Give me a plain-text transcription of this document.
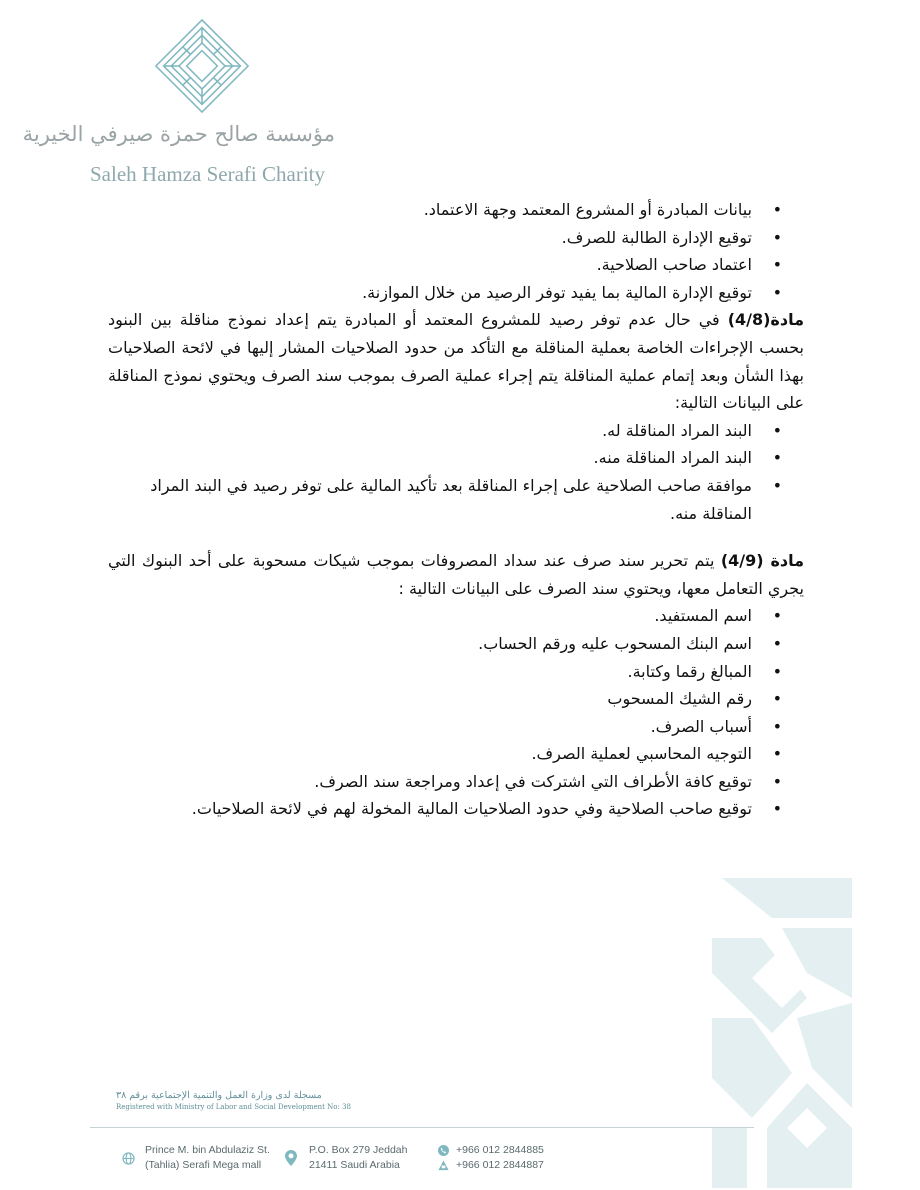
مؤسسة صالح حمزة صيرفي الخيرية
Saleh Hamza Serafi Charity
• بيانات المبادرة أو المشروع المعتمد وجهة الاعتماد.
• توقيع الإدارة الطالبة للصرف.
• اعتماد صاحب الصلاحية.
• توقيع الإدارة المالية بما يفيد توفر الرصيد من خلال الموازنة.

مادة(4/8) في حال عدم توفر رصيد للمشروع المعتمد أو المبادرة يتم إعداد نموذج مناقلة بين البنود بحسب الإجراءات الخاصة بعملية المناقلة مع التأكد من حدود الصلاحيات المشار إليها في لائحة الصلاحيات بهذا الشأن وبعد إتمام عملية المناقلة يتم إجراء عملية الصرف بموجب سند الصرف ويحتوي نموذج المناقلة على البيانات التالية:

• البند المراد المناقلة له.
• البند المراد المناقلة منه.
• موافقة صاحب الصلاحية على إجراء المناقلة بعد تأكيد المالية على توفر رصيد في البند المراد المناقلة منه.

مادة (4/9) يتم تحرير سند صرف عند سداد المصروفات بموجب شيكات مسحوبة على أحد البنوك التي يجري التعامل معها، ويحتوي سند الصرف على البيانات التالية :

• اسم المستفيد.
• اسم البنك المسحوب عليه ورقم الحساب.
• المبالغ رقما وكتابة.
• رقم الشيك المسحوب
• أسباب الصرف.
• التوجيه المحاسبي لعملية الصرف.
• توقيع كافة الأطراف التي اشتركت في إعداد ومراجعة سند الصرف.
• توقيع صاحب الصلاحية وفي حدود الصلاحيات المالية المخولة لهم في لائحة الصلاحيات.
مسجلة لدى وزارة العمل والتنمية الإجتماعية برقم ٣٨
Registered with Ministry of Labor and Social Development No: 38
Prince M. bin Abdulaziz St.
(Tahlia) Serafi Mega mall
P.O. Box 279 Jeddah
21411 Saudi Arabia
+966 012 2844885
+966 012 2844887
